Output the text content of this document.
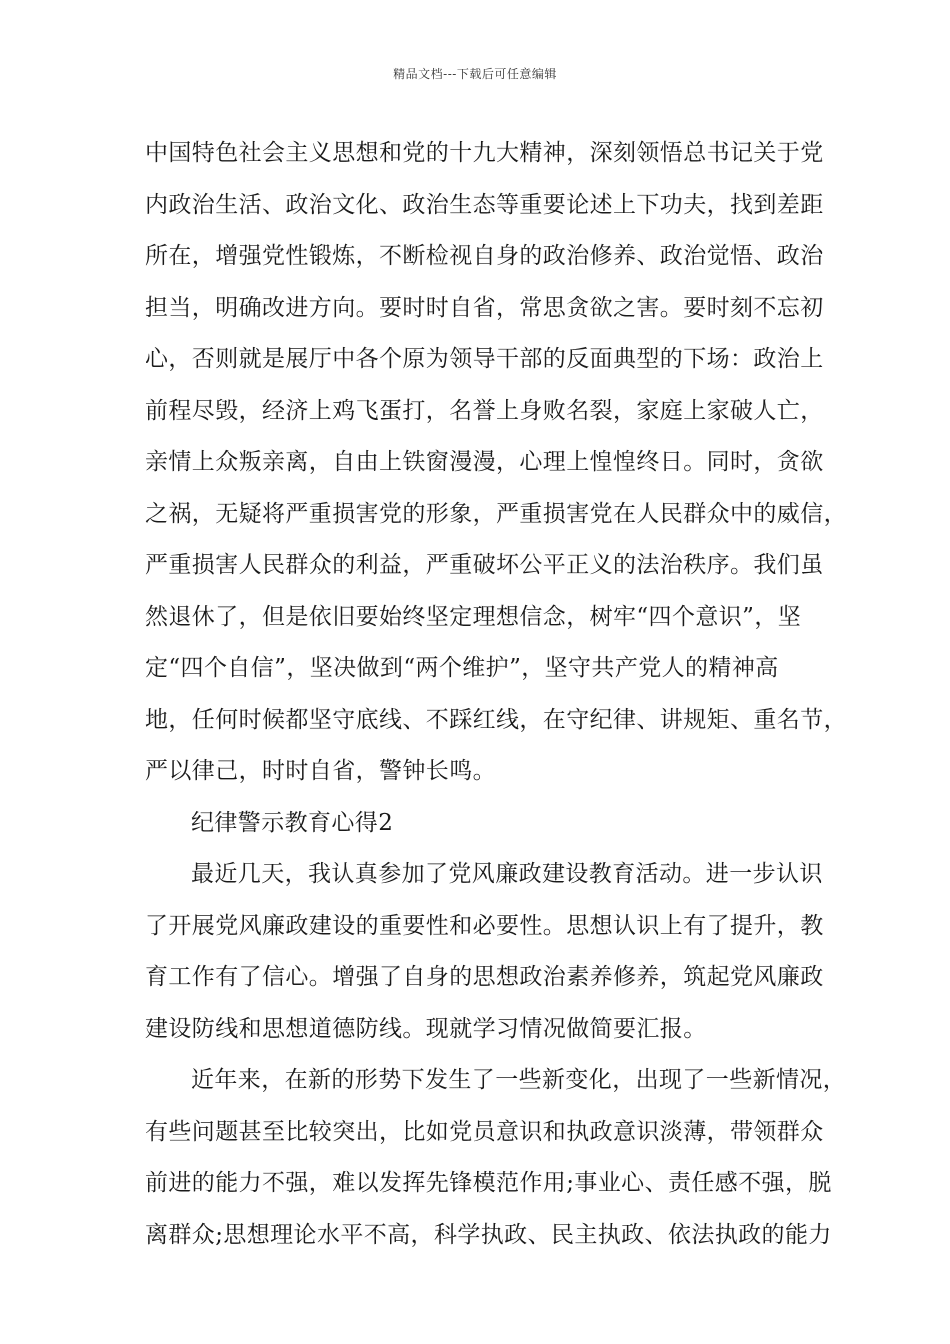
精品文档---下载后可任意编辑
中国特色社会主义思想和党的十九大精神，深刻领悟总书记关于党
内政治生活、政治文化、政治生态等重要论述上下功夫，找到差距
所在，增强党性锻炼，不断检视自身的政治修养、政治觉悟、政治
担当，明确改进方向。要时时自省，常思贪欲之害。要时刻不忘初
心，否则就是展厅中各个原为领导干部的反面典型的下场：政治上
前程尽毁，经济上鸡飞蛋打，名誉上身败名裂，家庭上家破人亡，
亲情上众叛亲离，自由上铁窗漫漫，心理上惶惶终日。同时，贪欲
之祸，无疑将严重损害党的形象，严重损害党在人民群众中的威信，
严重损害人民群众的利益，严重破坏公平正义的法治秩序。我们虽
然退休了，但是依旧要始终坚定理想信念，树牢“四个意识”，坚
定“四个自信”，坚决做到“两个维护”，坚守共产党人的精神高
地，任何时候都坚守底线、不踩红线，在守纪律、讲规矩、重名节，
严以律己，时时自省，警钟长鸣。
纪律警示教育心得2
最近几天，我认真参加了党风廉政建设教育活动。进一步认识
了开展党风廉政建设的重要性和必要性。思想认识上有了提升，教
育工作有了信心。增强了自身的思想政治素养修养，筑起党风廉政
建设防线和思想道德防线。现就学习情况做简要汇报。
近年来，在新的形势下发生了一些新变化，出现了一些新情况，
有些问题甚至比较突出，比如党员意识和执政意识淡薄，带领群众
前进的能力不强，难以发挥先锋模范作用;事业心、责任感不强，脱
离群众;思想理论水平不高，科学执政、民主执政、依法执政的能力
